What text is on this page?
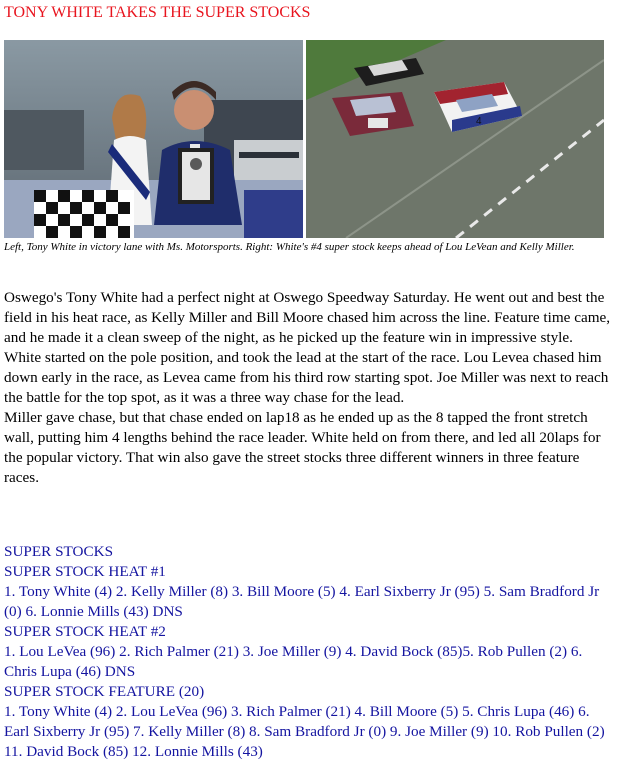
TONY WHITE TAKES THE SUPER STOCKS
4
Left, Tony White in victory lane with Ms. Motorsports. Right: White's #4 super stock keeps ahead of Lou LeVean and Kelly Miller.

Oswego's Tony White had a perfect night at Oswego Speedway Saturday. He went out and best the field in his heat race, as Kelly Miller and Bill Moore chased him across the line. Feature time came, and he made it a clean sweep of the night, as he picked up the feature win in impressive style.

White started on the pole position, and took the lead at the start of the race. Lou Levea chased him down early in the race, as Levea came from his third row starting spot. Joe Miller was next to reach the battle for the top spot, as it was a three way chase for the lead.

Miller gave chase, but that chase ended on lap18 as he ended up as the 8 tapped the front stretch wall, putting him 4 lengths behind the race leader. White held on from there, and led all 20laps for the popular victory. That win also gave the street stocks three different winners in three feature races.

SUPER STOCKS
SUPER STOCK HEAT #1
1. Tony White (4) 2. Kelly Miller (8) 3. Bill Moore (5) 4. Earl Sixberry Jr (95) 5. Sam Bradford Jr (0) 6. Lonnie Mills (43) DNS
SUPER STOCK HEAT #2
1. Lou LeVea (96) 2. Rich Palmer (21) 3. Joe Miller (9) 4. David Bock (85)5. Rob Pullen (2) 6. Chris Lupa (46) DNS
SUPER STOCK FEATURE (20)
1. Tony White (4) 2. Lou LeVea (96) 3. Rich Palmer (21) 4. Bill Moore (5) 5. Chris Lupa (46) 6. Earl Sixberry Jr (95) 7. Kelly Miller (8) 8. Sam Bradford Jr (0) 9. Joe Miller (9) 10. Rob Pullen (2) 11. David Bock (85) 12. Lonnie Mills (43)
